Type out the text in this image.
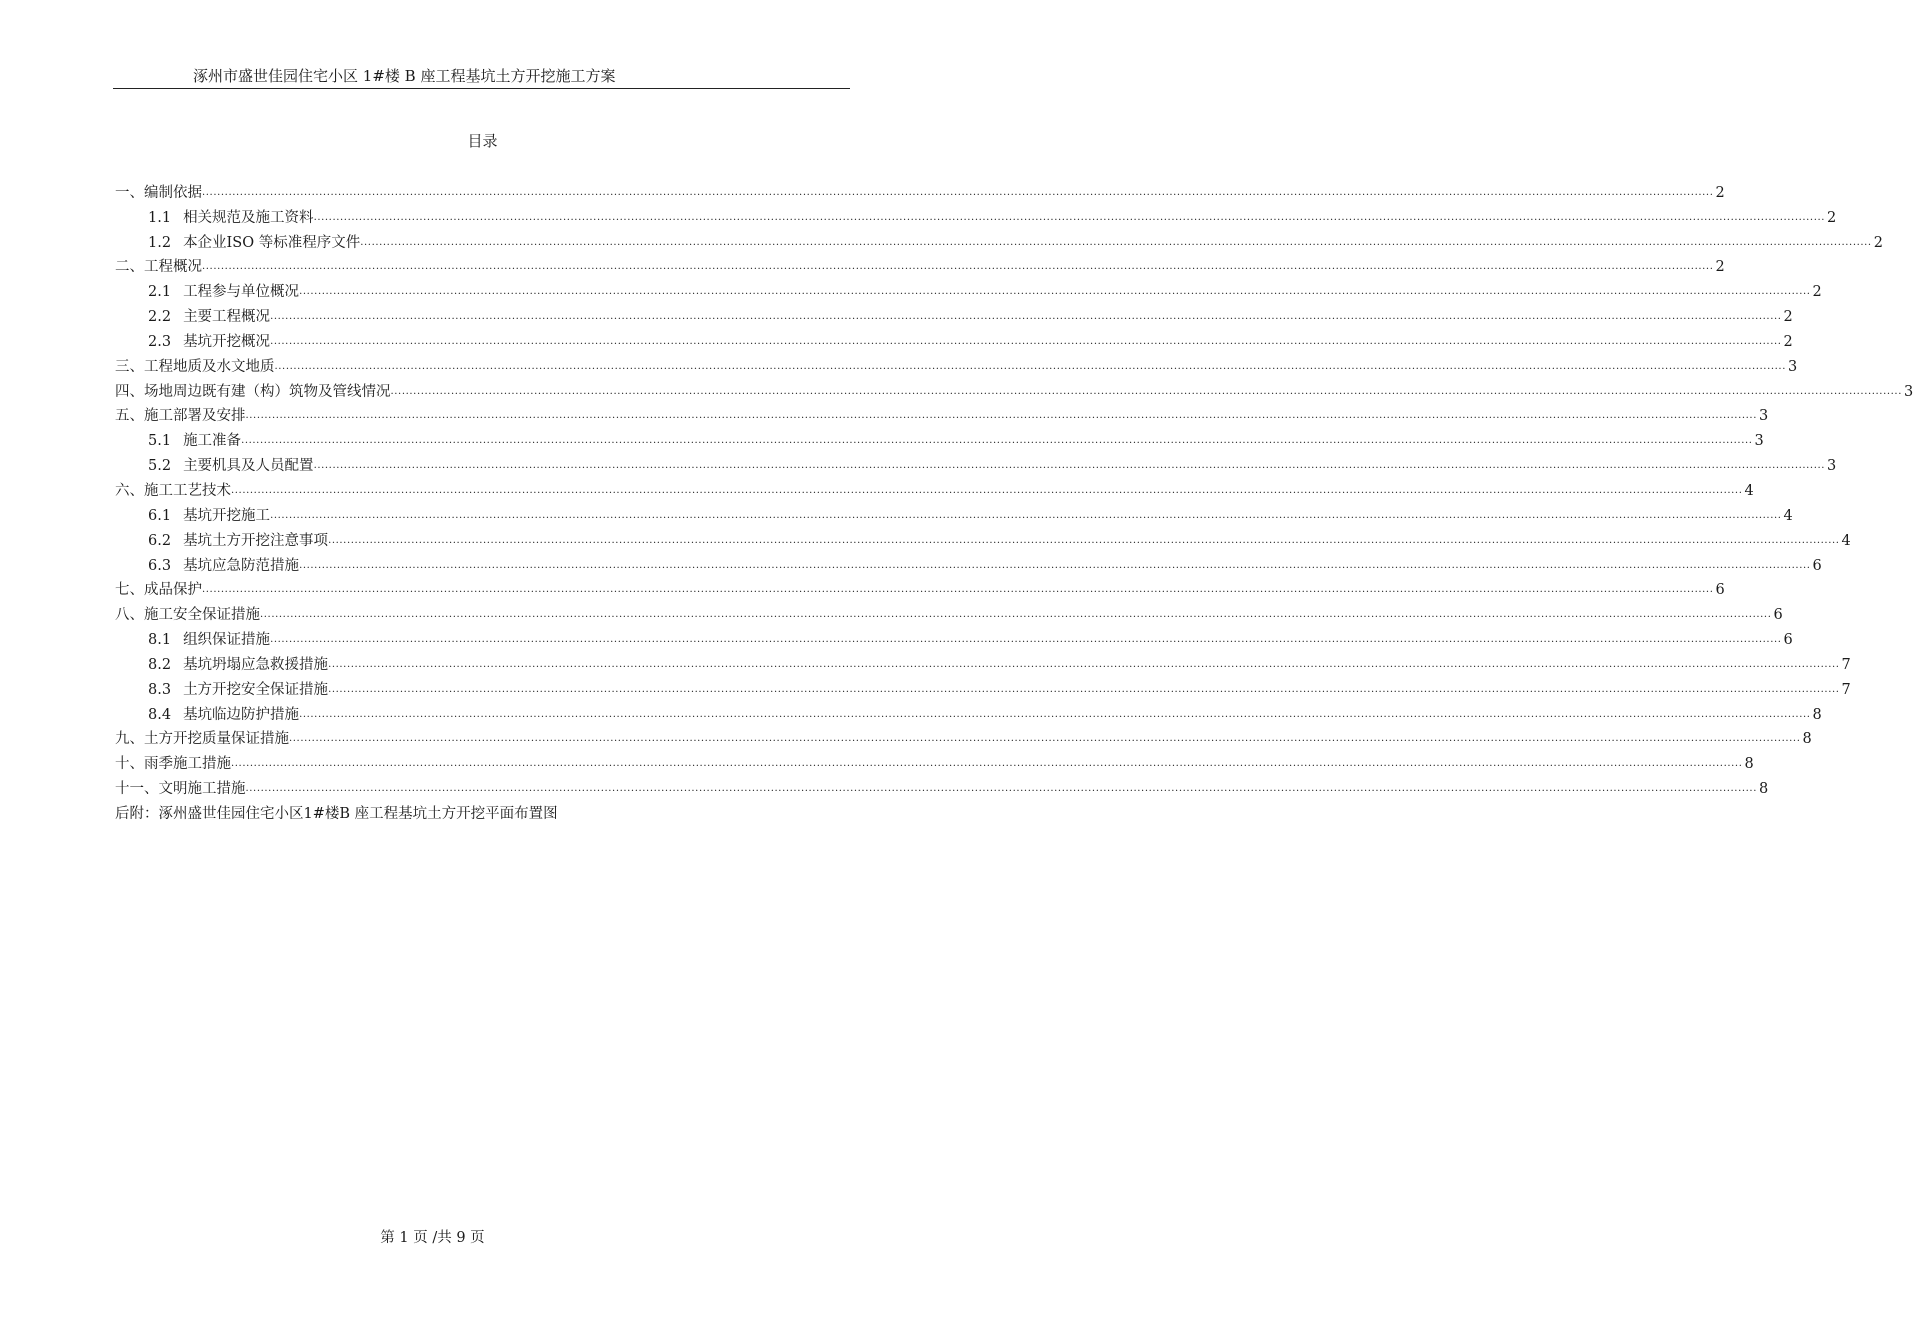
涿州市盛世佳园住宅小区 1#楼 B 座工程基坑土方开挖施工方案
目录
一、编制依据 ................................................................................................................................................................................................................................................................................................................................................................................................................ 2
1.1 相关规范及施工资料 ................................................................................................................................................................................................................................................................................................................................................................................................................ 2
1.2 本企业ISO 等标准程序文件 ................................................................................................................................................................................................................................................................................................................................................................................................................ 2
二、工程概况 ................................................................................................................................................................................................................................................................................................................................................................................................................ 2
2.1 工程参与单位概况 ................................................................................................................................................................................................................................................................................................................................................................................................................ 2
2.2 主要工程概况 ................................................................................................................................................................................................................................................................................................................................................................................................................ 2
2.3 基坑开挖概况 ................................................................................................................................................................................................................................................................................................................................................................................................................ 2
三、工程地质及水文地质 ................................................................................................................................................................................................................................................................................................................................................................................................................ 3
四、场地周边既有建（构）筑物及管线情况 ................................................................................................................................................................................................................................................................................................................................................................................................................ 3
五、施工部署及安排 ................................................................................................................................................................................................................................................................................................................................................................................................................ 3
5.1 施工准备 ................................................................................................................................................................................................................................................................................................................................................................................................................ 3
5.2 主要机具及人员配置 ................................................................................................................................................................................................................................................................................................................................................................................................................ 3
六、施工工艺技术 ................................................................................................................................................................................................................................................................................................................................................................................................................ 4
6.1 基坑开挖施工 ................................................................................................................................................................................................................................................................................................................................................................................................................ 4
6.2 基坑土方开挖注意事项 ................................................................................................................................................................................................................................................................................................................................................................................................................ 4
6.3 基坑应急防范措施 ................................................................................................................................................................................................................................................................................................................................................................................................................ 6
七、成品保护 ................................................................................................................................................................................................................................................................................................................................................................................................................ 6
八、施工安全保证措施 ................................................................................................................................................................................................................................................................................................................................................................................................................ 6
8.1 组织保证措施 ................................................................................................................................................................................................................................................................................................................................................................................................................ 6
8.2 基坑坍塌应急救援措施 ................................................................................................................................................................................................................................................................................................................................................................................................................ 7
8.3 土方开挖安全保证措施 ................................................................................................................................................................................................................................................................................................................................................................................................................ 7
8.4 基坑临边防护措施 ................................................................................................................................................................................................................................................................................................................................................................................................................ 8
九、土方开挖质量保证措施 ................................................................................................................................................................................................................................................................................................................................................................................................................ 8
十、雨季施工措施 ................................................................................................................................................................................................................................................................................................................................................................................................................ 8
十一、文明施工措施 ................................................................................................................................................................................................................................................................................................................................................................................................................ 8
后附：涿州盛世佳园住宅小区1#楼B 座工程基坑土方开挖平面布置图
第 1 页 /共 9 页
